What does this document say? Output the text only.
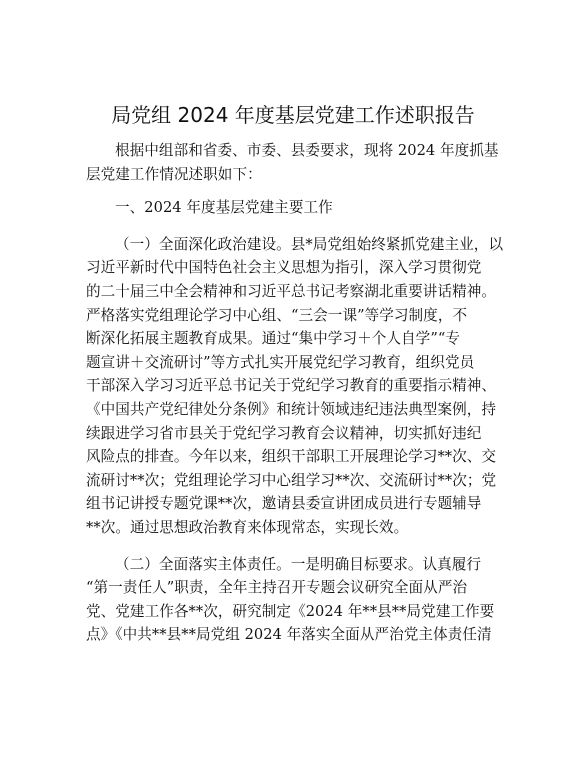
局党组 2024 年度基层党建工作述职报告
根据中组部和省委、市委、县委要求，现将 2024 年度抓基
层党建工作情况述职如下：
一、2024 年度基层党建主要工作
（一）全面深化政治建设。县*局党组始终紧抓党建主业，以
习近平新时代中国特色社会主义思想为指引，深入学习贯彻党
的二十届三中全会精神和习近平总书记考察湖北重要讲话精神。
严格落实党组理论学习中心组、“三会一课”等学习制度，不
断深化拓展主题教育成果。通过“集中学习＋个人自学”“专
题宣讲＋交流研讨”等方式扎实开展党纪学习教育，组织党员
干部深入学习习近平总书记关于党纪学习教育的重要指示精神、
《中国共产党纪律处分条例》和统计领域违纪违法典型案例，持
续跟进学习省市县关于党纪学习教育会议精神，切实抓好违纪
风险点的排查。今年以来，组织干部职工开展理论学习**次、交
流研讨**次；党组理论学习中心组学习**次、交流研讨**次；党
组书记讲授专题党课**次，邀请县委宣讲团成员进行专题辅导
**次。通过思想政治教育来体现常态，实现长效。
（二）全面落实主体责任。一是明确目标要求。认真履行
“第一责任人”职责，全年主持召开专题会议研究全面从严治
党、党建工作各**次，研究制定《2024 年**县**局党建工作要
点》《中共**县**局党组 2024 年落实全面从严治党主体责任清
